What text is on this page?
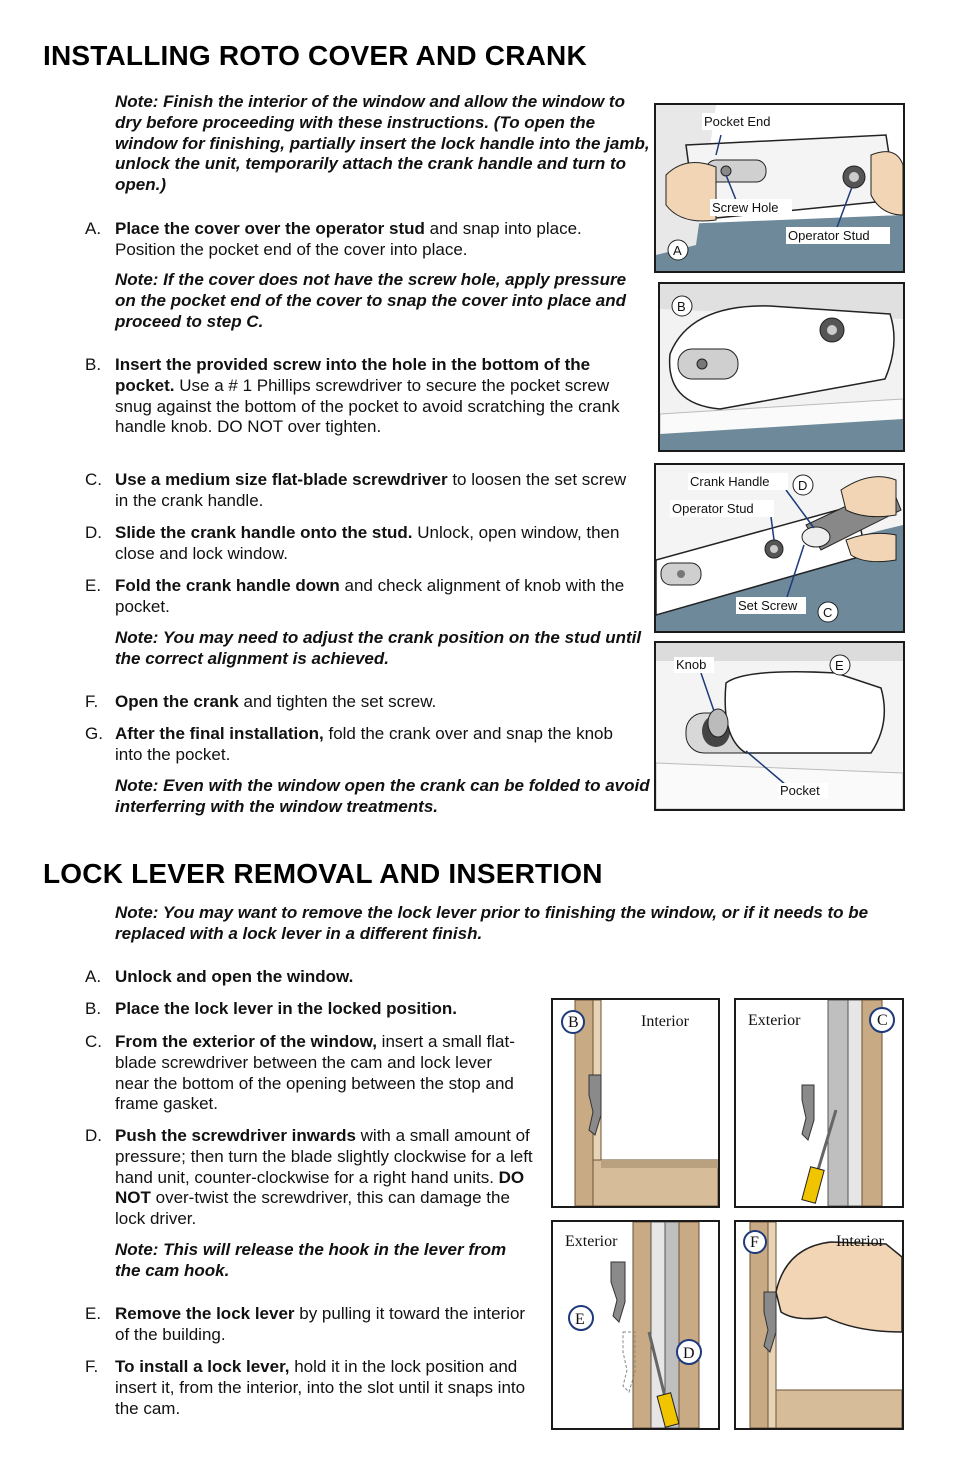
INSTALLING ROTO COVER AND CRANK
Note: Finish the interior of the window and allow the window to dry before proceeding with these instructions. (To open the window for finishing, partially insert the lock handle into the jamb, unlock the unit, temporarily attach the crank handle and turn to open.)
A. Place the cover over the operator stud and snap into place. Position the pocket end of the cover into place.
Note: If the cover does not have the screw hole, apply pressure on the pocket end of the cover to snap the cover into place and proceed to step C.
B. Insert the provided screw into the hole in the bottom of the pocket. Use a # 1 Phillips screwdriver to secure the pocket screw snug against the bottom of the pocket to avoid scratching the crank handle knob. DO NOT over tighten.
C. Use a medium size flat-blade screwdriver to loosen the set screw in the crank handle.
D. Slide the crank handle onto the stud. Unlock, open window, then close and lock window.
E. Fold the crank handle down and check alignment of knob with the pocket.
Note: You may need to adjust the crank position on the stud until the correct alignment is achieved.
F. Open the crank and tighten the set screw.
G. After the final installation, fold the crank over and snap the knob into the pocket.
Note: Even with the window open the crank can be folded to avoid interferring with the window treatments.
Pocket End
Screw Hole
Operator Stud
A
B
Crank Handle
Operator Stud
Set Screw
D
C
Knob
Pocket
E
LOCK LEVER REMOVAL AND INSERTION
Note: You may want to remove the lock lever prior to finishing the window, or if it needs to be replaced with a lock lever in a different finish.
A. Unlock and open the window.
B. Place the lock lever in the locked position.
C. From the exterior of the window, insert a small flat-blade screwdriver between the cam and lock lever near the bottom of the opening between the stop and frame gasket.
D. Push the screwdriver inwards with a small amount of pressure; then turn the blade slightly clockwise for a left hand unit, counter-clockwise for a right hand units. DO NOT over-twist the screwdriver, this can damage the lock driver.
Note: This will release the hook in the lever from the cam hook.
E. Remove the lock lever by pulling it toward the interior of the building.
F. To install a lock lever, hold it in the lock position and insert it, from the interior, into the slot until it snaps into the cam.
B	Interior	C
Exterior
E
D
Exterior	F	Interior
